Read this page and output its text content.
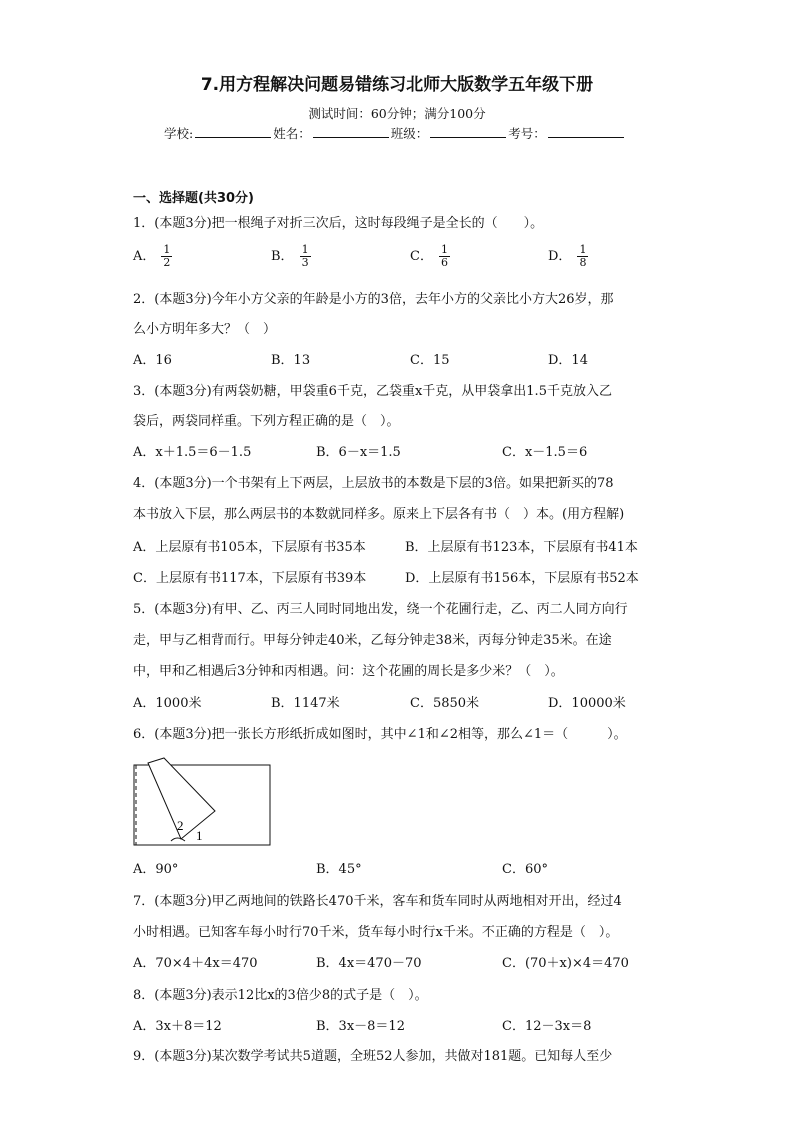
7.用方程解决问题易错练习北师大版数学五年级下册
测试时间：60分钟；满分100分
学校:	姓名：	班级：	考号：
一、选择题(共30分)
1．(本题3分)把一根绳子对折三次后，这时每段绳子是全长的（　　）。
A． $\frac{1}{2}$	B． $\frac{1}{3}$	C． $\frac{1}{6}$	D． $\frac{1}{8}$
2．(本题3分)今年小方父亲的年龄是小方的3倍，去年小方的父亲比小方大26岁，那
么小方明年多大？（　）
A．16	B．13	C．15	D．14
3．(本题3分)有两袋奶糖，甲袋重6千克，乙袋重x千克，从甲袋拿出1.5千克放入乙
袋后，两袋同样重。下列方程正确的是（　）。
A．x＋1.5＝6－1.5	B．6－x＝1.5	C．x－1.5＝6
4．(本题3分)一个书架有上下两层，上层放书的本数是下层的3倍。如果把新买的78
本书放入下层，那么两层书的本数就同样多。原来上下层各有书（　）本。(用方程解)
A．上层原有书105本，下层原有书35本	B．上层原有书123本，下层原有书41本
C．上层原有书117本，下层原有书39本	D．上层原有书156本，下层原有书52本
5．(本题3分)有甲、乙、丙三人同时同地出发，绕一个花圃行走，乙、丙二人同方向行
走，甲与乙相背而行。甲每分钟走40米，乙每分钟走38米，丙每分钟走35米。在途
中，甲和乙相遇后3分钟和丙相遇。问：这个花圃的周长是多少米？（　）。
A．1000米	B．1147米	C．5850米	D．10000米
6．(本题3分)把一张长方形纸折成如图时，其中∠1和∠2相等，那么∠1＝（　　　）。
2
1
A．90°	B．45°	C．60°
7．(本题3分)甲乙两地间的铁路长470千米，客车和货车同时从两地相对开出，经过4
小时相遇。已知客车每小时行70千米，货车每小时行x千米。不正确的方程是（　）。
A．70×4＋4x＝470	B．4x＝470－70	C．(70＋x)×4＝470
8．(本题3分)表示12比x的3倍少8的式子是（　）。
A．3x＋8＝12	B．3x－8＝12	C．12－3x＝8
9．(本题3分)某次数学考试共5道题，全班52人参加，共做对181题。已知每人至少
